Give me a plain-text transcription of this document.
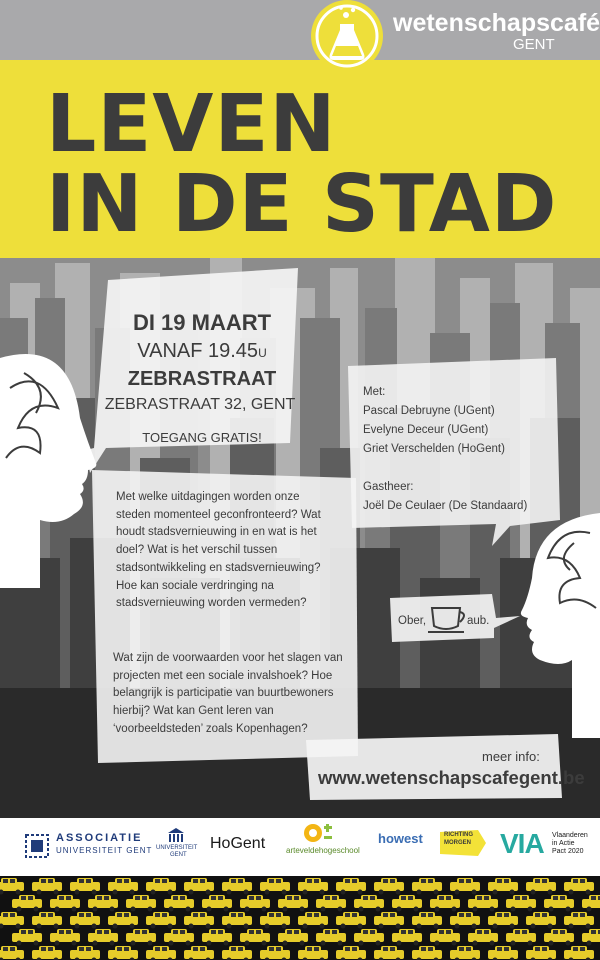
wetenschapscafé
GENT
LEVEN
IN DE STAD
DI 19 MAART
VANAF 19.45U
ZEBRASTRAAT
ZEBRASTRAAT 32, GENT
TOEGANG GRATIS!
Met:
Pascal Debruyne (UGent)
Evelyne Deceur (UGent)
Griet Verschelden (HoGent)
Gastheer:
Joël De Ceulaer (De Standaard)
Met welke uitdagingen worden onze steden momenteel geconfronteerd? Wat houdt stadsvernieuwing in en wat is het doel? Wat is het verschil tussen stadsontwikkeling en stadsvernieuwing? Hoe kan sociale verdringing na stadsvernieuwing worden vermeden?
Wat zijn de voorwaarden voor het slagen van projecten met een sociale invalshoek? Hoe belangrijk is participatie van buurtbewoners hierbij? Wat kan Gent leren van ‘voorbeeldsteden’ zoals Kopenhagen?
Ober,	aub.
meer info:
www.wetenschapscafegent.be
ASSOCIATIE
UNIVERSITEIT GENT UNIVERSITEIT
GENT
HoGent	arteveldehogeschool
howest	RICHTING
MORGEN VIA Vlaanderen
in Actie
Pact 2020
